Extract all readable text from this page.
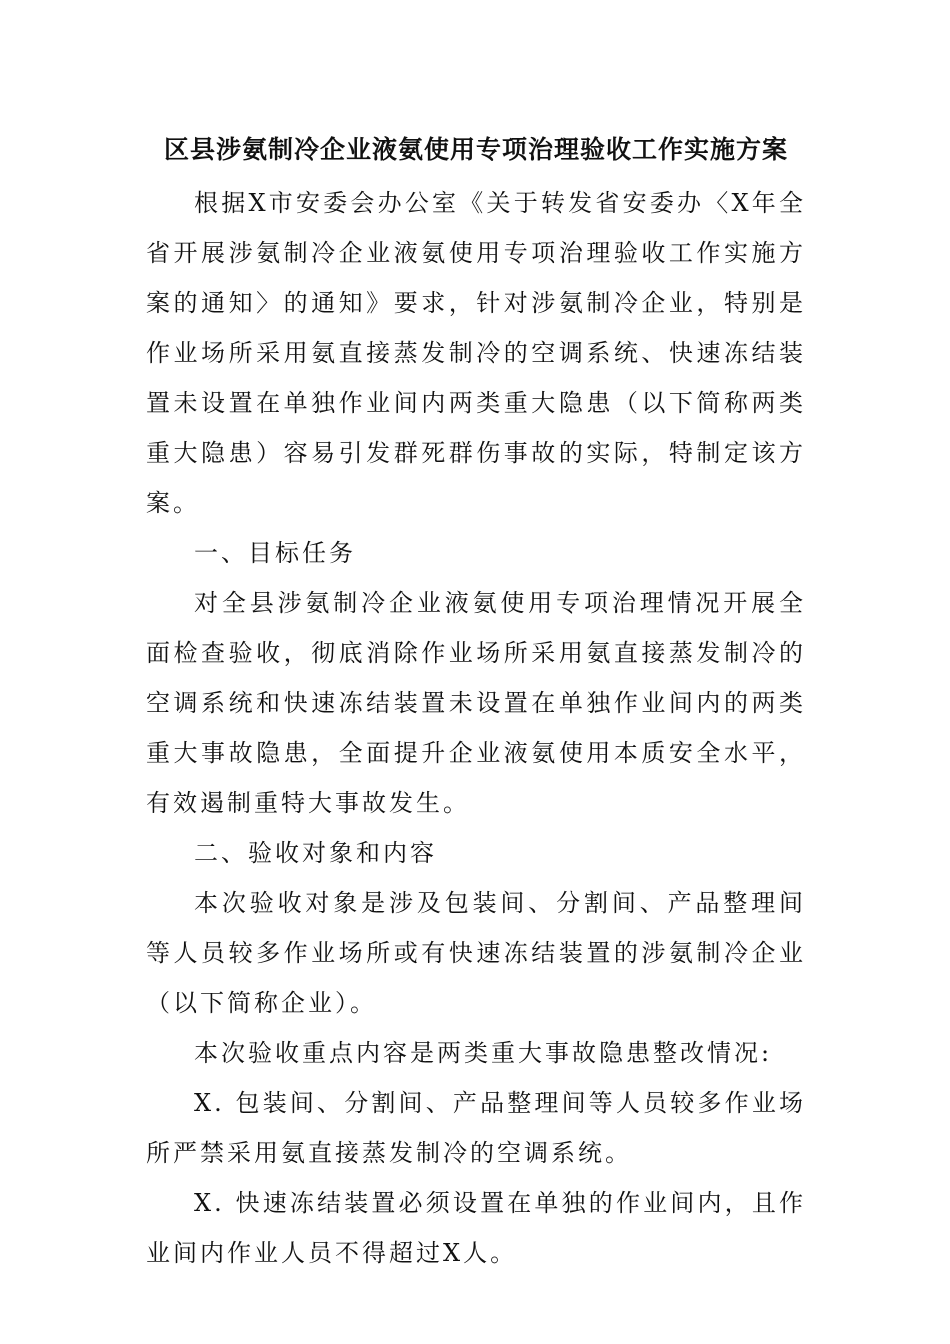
区县涉氨制冷企业液氨使用专项治理验收工作实施方案

根据X市安委会办公室《关于转发省安委办〈X年全省开展涉氨制冷企业液氨使用专项治理验收工作实施方案的通知〉的通知》要求，针对涉氨制冷企业，特别是作业场所采用氨直接蒸发制冷的空调系统、快速冻结装置未设置在单独作业间内两类重大隐患（以下简称两类重大隐患）容易引发群死群伤事故的实际，特制定该方案。

一、目标任务

对全县涉氨制冷企业液氨使用专项治理情况开展全面检查验收，彻底消除作业场所采用氨直接蒸发制冷的空调系统和快速冻结装置未设置在单独作业间内的两类重大事故隐患，全面提升企业液氨使用本质安全水平，有效遏制重特大事故发生。

二、验收对象和内容

本次验收对象是涉及包装间、分割间、产品整理间等人员较多作业场所或有快速冻结装置的涉氨制冷企业（以下简称企业）。

本次验收重点内容是两类重大事故隐患整改情况:

X. 包装间、分割间、产品整理间等人员较多作业场所严禁采用氨直接蒸发制冷的空调系统。

X. 快速冻结装置必须设置在单独的作业间内，且作业间内作业人员不得超过X人。
